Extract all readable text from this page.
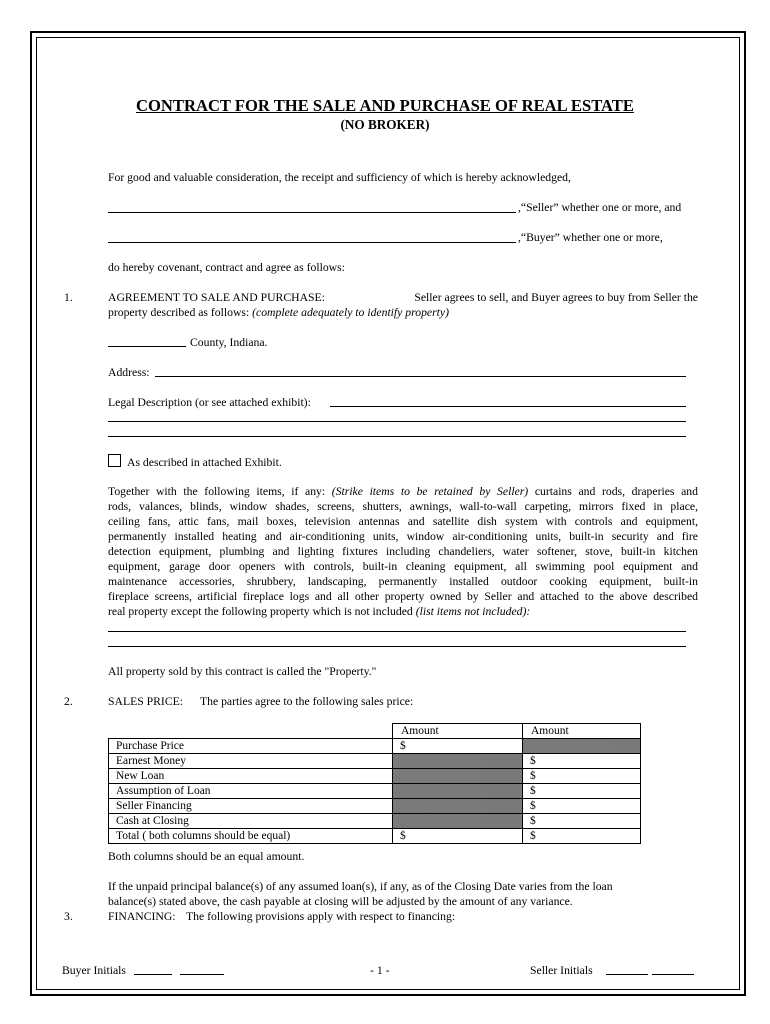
CONTRACT FOR THE SALE AND PURCHASE OF REAL ESTATE
(NO BROKER)
For good and valuable consideration, the receipt and sufficiency of which is hereby acknowledged,
,“Seller” whether one or more, and
,“Buyer” whether one or more,
do hereby covenant, contract and agree as follows:
1.	AGREEMENT TO SALE AND PURCHASE:	Seller agrees to sell, and Buyer agrees to buy from Seller the
property described as follows: (complete adequately to identify property)
County, Indiana.
Address:
Legal Description (or see attached exhibit):
As described in attached Exhibit.
Together with the following items, if any: (Strike items to be retained by Seller) curtains and rods, draperies and
rods, valances, blinds, window shades, screens, shutters, awnings, wall-to-wall carpeting, mirrors fixed in place,
ceiling fans, attic fans, mail boxes, television antennas and satellite dish system with controls and equipment,
permanently installed heating and air-conditioning units, window air-conditioning units, built-in security and fire
detection equipment, plumbing and lighting fixtures including chandeliers, water softener, stove, built-in kitchen
equipment, garage door openers with controls, built-in cleaning equipment, all swimming pool equipment and
maintenance accessories, shrubbery, landscaping, permanently installed outdoor cooking equipment, built-in
fireplace screens, artificial fireplace logs and all other property owned by Seller and attached to the above described
real property except the following property which is not included (list items not included):
All property sold by this contract is called the "Property."
2.	SALES PRICE: The parties agree to the following sales price:
	Amount	Amount
Purchase Price	$	
Earnest Money		$
New Loan		$
Assumption of Loan		$
Seller Financing		$
Cash at Closing		$
Total ( both columns should be equal)	$	$
Both columns should be an equal amount.
If the unpaid principal balance(s) of any assumed loan(s), if any, as of the Closing Date varies from the loan
balance(s) stated above, the cash payable at closing will be adjusted by the amount of any variance.
3.	FINANCING: The following provisions apply with respect to financing:
Buyer Initials	- 1 -	Seller Initials
